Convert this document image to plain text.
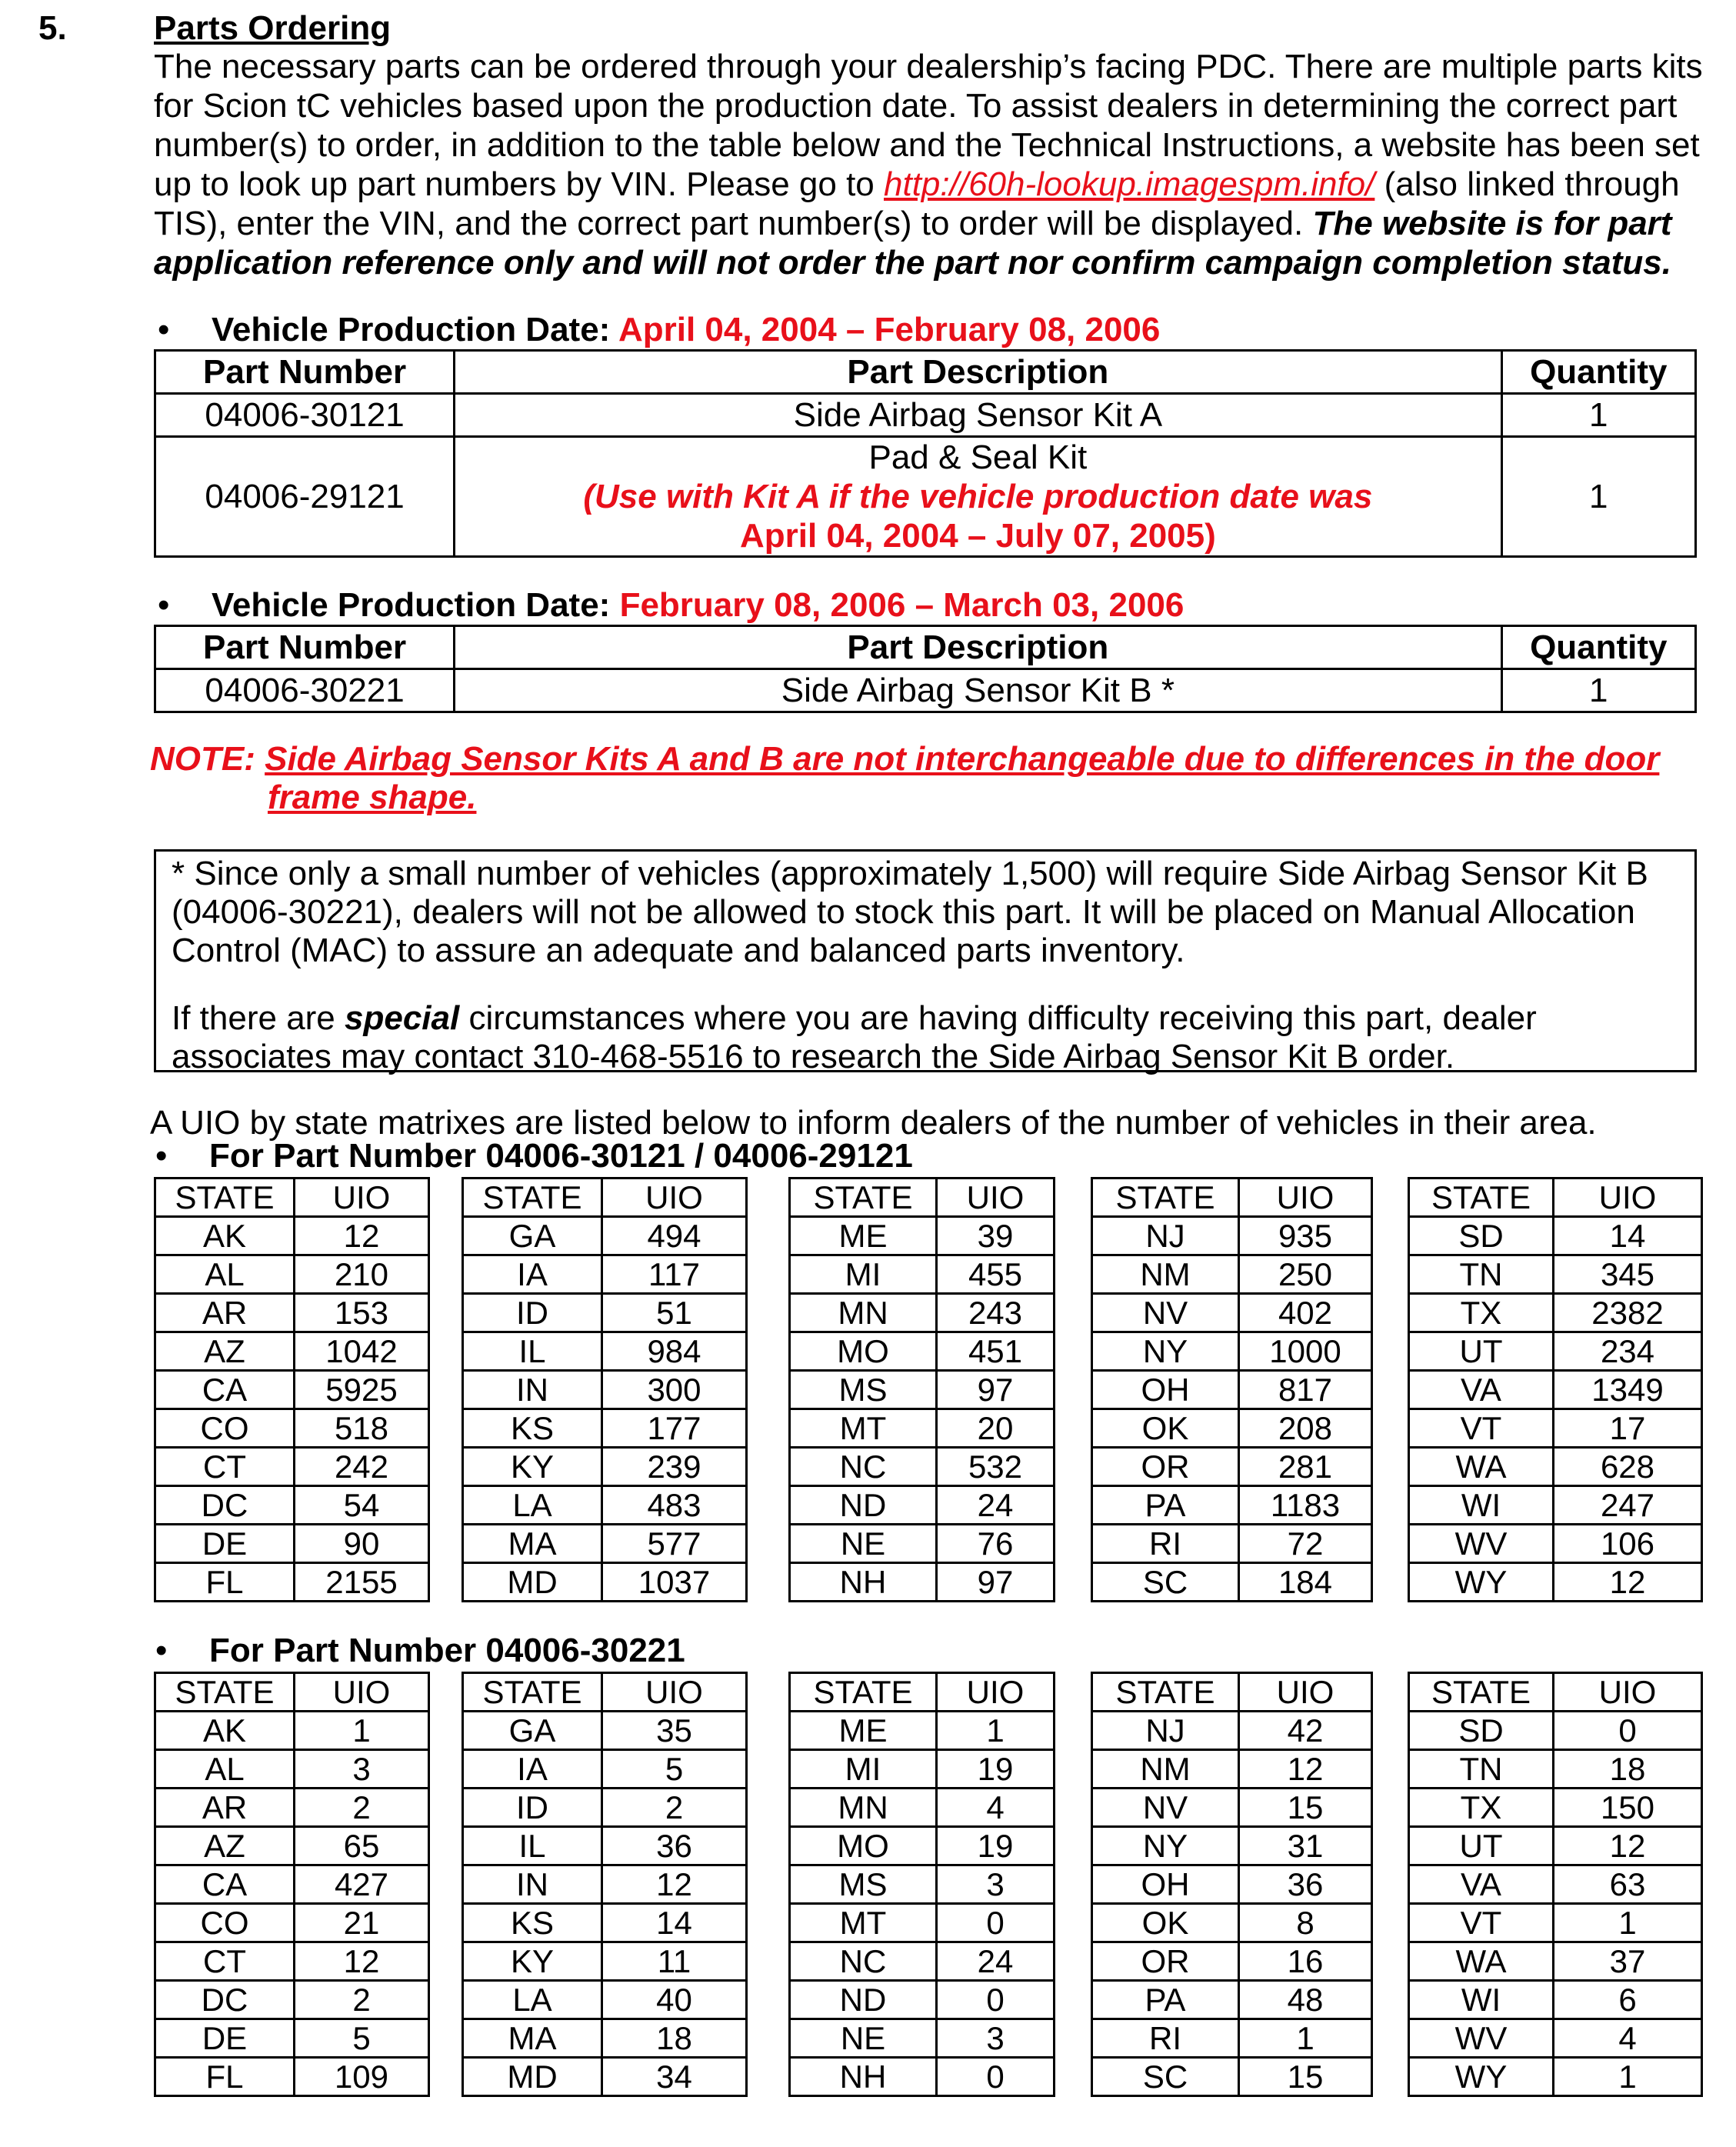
5.	Parts Ordering
The necessary parts can be ordered through your dealership’s facing PDC. There are multiple parts kits
for Scion tC vehicles based upon the production date. To assist dealers in determining the correct part
number(s) to order, in addition to the table below and the Technical Instructions, a website has been set
up to look up part numbers by VIN. Please go to http://60h-lookup.imagespm.info/ (also linked through
TIS), enter the VIN, and the correct part number(s) to order will be displayed. The website is for part
application reference only and will not order the part nor confirm campaign completion status.
• Vehicle Production Date: April 04, 2004 – February 08, 2006
Part Number	Part Description	Quantity
04006-30121	Side Airbag Sensor Kit A	1
04006-29121	Pad & Seal Kit
(Use with Kit A if the vehicle production date was
April 04, 2004 – July 07, 2005)	1
• Vehicle Production Date: February 08, 2006 – March 03, 2006
Part Number	Part Description	Quantity
04006-30221	Side Airbag Sensor Kit B *	1
NOTE: Side Airbag Sensor Kits A and B are not interchangeable due to differences in the door
frame shape.
* Since only a small number of vehicles (approximately 1,500) will require Side Airbag Sensor Kit B
(04006-30221), dealers will not be allowed to stock this part. It will be placed on Manual Allocation
Control (MAC) to assure an adequate and balanced parts inventory.
If there are special circumstances where you are having difficulty receiving this part, dealer
associates may contact 310-468-5516 to research the Side Airbag Sensor Kit B order.
A UIO by state matrixes are listed below to inform dealers of the number of vehicles in their area.
• For Part Number 04006-30121 / 04006-29121
STATE	UIO
AK	12
AL	210
AR	153
AZ	1042
CA	5925
CO	518
CT	242
DC	54
DE	90
FL	2155
STATE	UIO
GA	494
IA	117
ID	51
IL	984
IN	300
KS	177
KY	239
LA	483
MA	577
MD	1037
STATE	UIO
ME	39
MI	455
MN	243
MO	451
MS	97
MT	20
NC	532
ND	24
NE	76
NH	97
STATE	UIO
NJ	935
NM	250
NV	402
NY	1000
OH	817
OK	208
OR	281
PA	1183
RI	72
SC	184
STATE	UIO
SD	14
TN	345
TX	2382
UT	234
VA	1349
VT	17
WA	628
WI	247
WV	106
WY	12
• For Part Number 04006-30221
STATE	UIO
AK	1
AL	3
AR	2
AZ	65
CA	427
CO	21
CT	12
DC	2
DE	5
FL	109
STATE	UIO
GA	35
IA	5
ID	2
IL	36
IN	12
KS	14
KY	11
LA	40
MA	18
MD	34
STATE	UIO
ME	1
MI	19
MN	4
MO	19
MS	3
MT	0
NC	24
ND	0
NE	3
NH	0
STATE	UIO
NJ	42
NM	12
NV	15
NY	31
OH	36
OK	8
OR	16
PA	48
RI	1
SC	15
STATE	UIO
SD	0
TN	18
TX	150
UT	12
VA	63
VT	1
WA	37
WI	6
WV	4
WY	1
